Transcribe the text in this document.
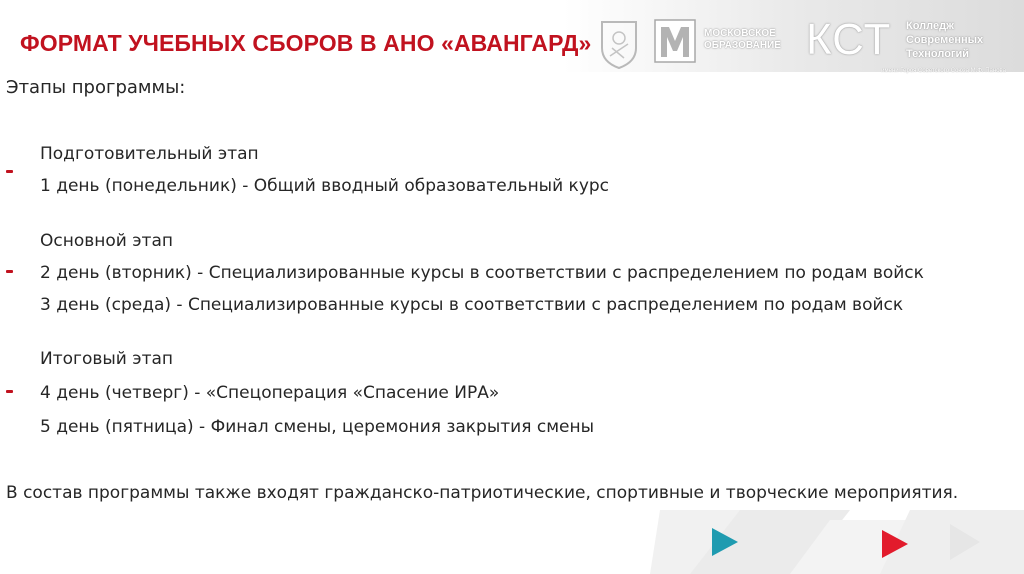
ФОРМАТ УЧЕБНЫХ СБОРОВ В АНО «АВАНГАРД»	МОСКОВСКОЕ
ОБРАЗОВАНИЕ КСТ Колледж
Современных
Технологий
имени Героя Советского Союза М.Ф. Панова
Этапы программы:
Подготовительный этап
1 день (понедельник) - Общий вводный образовательный курс
Основной этап
2 день (вторник) - Специализированные курсы в соответствии с распределением по родам войск
3 день (среда) - Специализированные курсы в соответствии с распределением по родам войск
Итоговый этап
4 день (четверг) - «Спецоперация «Спасение ИРА»
5 день (пятница) - Финал смены, церемония закрытия смены
В состав программы также входят гражданско-патриотические, спортивные и творческие мероприятия.
